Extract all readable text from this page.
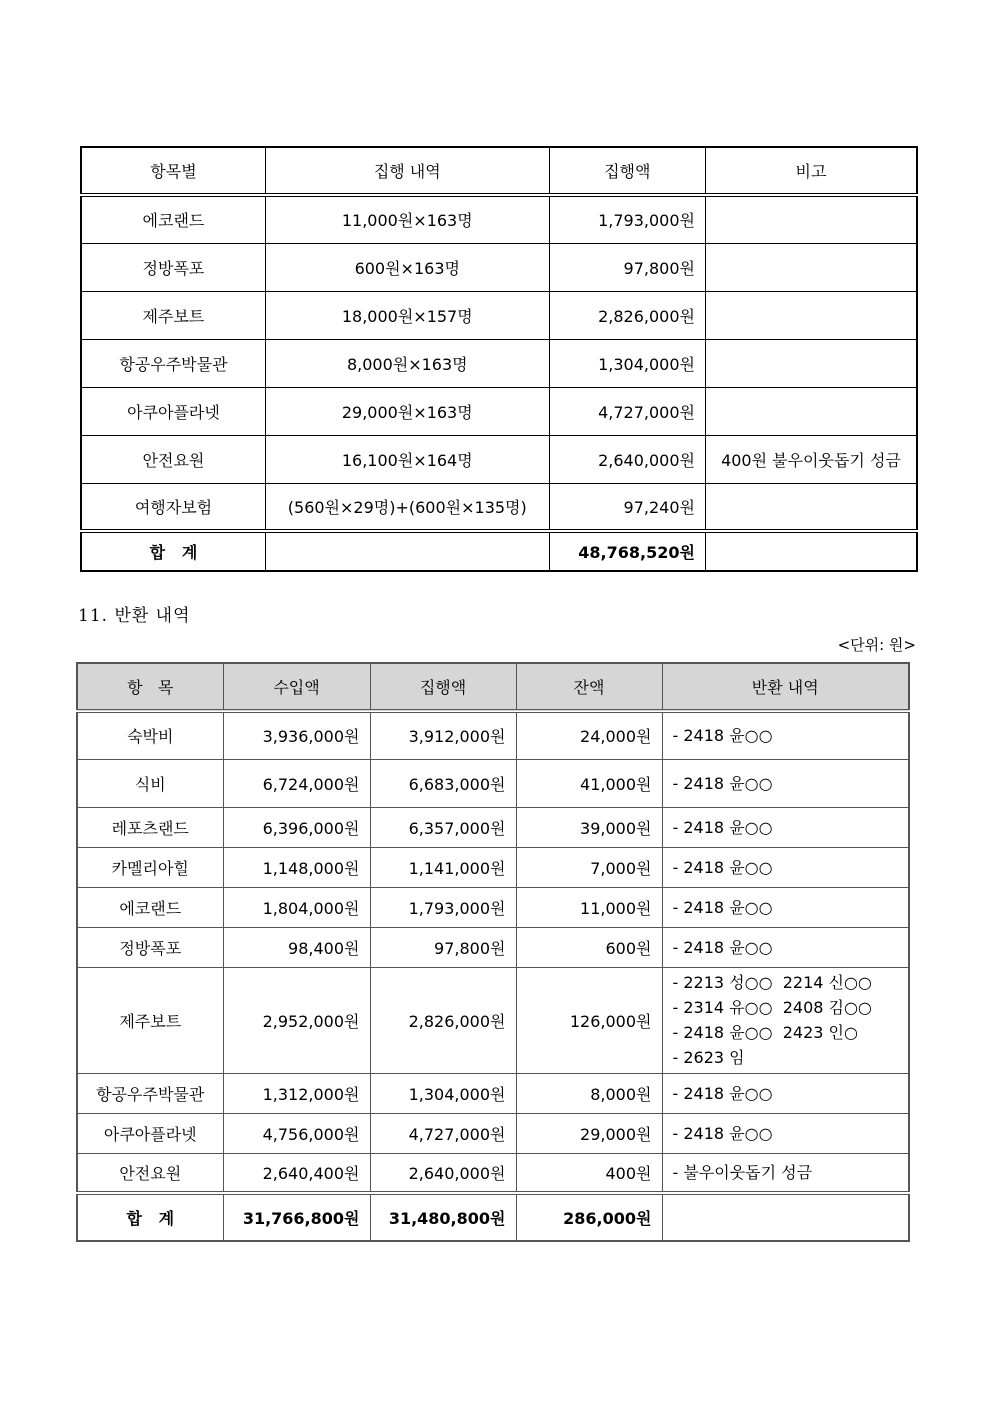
항목별	집행 내역	집행액	비고
에코랜드	11,000원×163명	1,793,000원	
정방폭포	600원×163명	97,800원	
제주보트	18,000원×157명	2,826,000원	
항공우주박물관	8,000원×163명	1,304,000원	
아쿠아플라넷	29,000원×163명	4,727,000원	
안전요원	16,100원×164명	2,640,000원	400원 불우이웃돕기 성금
여행자보험	(560원×29명)+(600원×135명)	97,240원	
합   계		48,768,520원	
11. 반환 내역
<단위: 원>
항   목	수입액	집행액	잔액	반환 내역
숙박비	3,936,000원	3,912,000원	24,000원	- 2418 윤○○

식비	6,724,000원	6,683,000원	41,000원	- 2418 윤○○

레포츠랜드	6,396,000원	6,357,000원	39,000원	- 2418 윤○○

카멜리아힐	1,148,000원	1,141,000원	7,000원	- 2418 윤○○

에코랜드	1,804,000원	1,793,000원	11,000원	- 2418 윤○○

정방폭포	98,400원	97,800원	600원	- 2418 윤○○

제주보트	2,952,000원	2,826,000원	126,000원	- 2213 성○○  2214 신○○
- 2314 유○○  2408 김○○
- 2418 윤○○  2423 인○
- 2623 임

항공우주박물관	1,312,000원	1,304,000원	8,000원	- 2418 윤○○

아쿠아플라넷	4,756,000원	4,727,000원	29,000원	- 2418 윤○○

안전요원	2,640,400원	2,640,000원	400원	- 불우이웃돕기 성금

합   계	31,766,800원	31,480,800원	286,000원	
